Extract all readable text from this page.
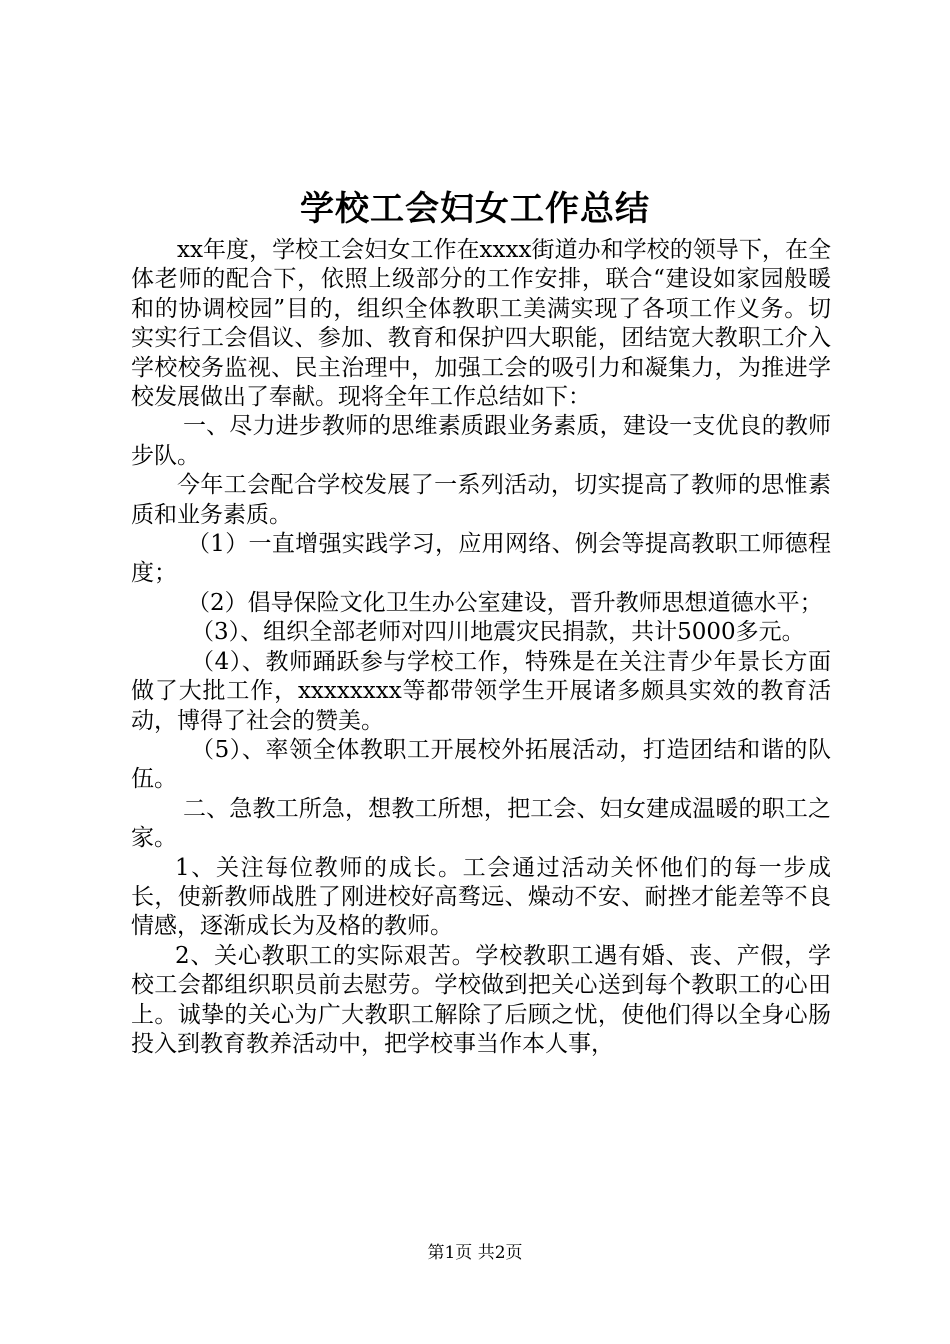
学校工会妇女工作总结

xx年度，学校工会妇女工作在xxxx街道办和学校的领导下，在全体老师的配合下，依照上级部分的工作安排，联合“建设如家园般暖和的协调校园”目的，组织全体教职工美满实现了各项工作义务。切实实行工会倡议、参加、教育和保护四大职能，团结宽大教职工介入学校校务监视、民主治理中，加强工会的吸引力和凝集力，为推进学校发展做出了奉献。现将全年工作总结如下：

一、尽力进步教师的思维素质跟业务素质，建设一支优良的教师步队。

今年工会配合学校发展了一系列活动，切实提高了教师的思惟素质和业务素质。

（1）一直增强实践学习，应用网络、例会等提高教职工师德程度；

（2）倡导保险文化卫生办公室建设，晋升教师思想道德水平；

（3）、组织全部老师对四川地震灾民捐款，共计5000多元。

（4）、教师踊跃参与学校工作，特殊是在关注青少年景长方面做了大批工作，xxxxxxxx等都带领学生开展诸多颇具实效的教育活动，博得了社会的赞美。

（5）、率领全体教职工开展校外拓展活动，打造团结和谐的队伍。

二、急教工所急，想教工所想，把工会、妇女建成温暖的职工之家。

1、关注每位教师的成长。工会通过活动关怀他们的每一步成长，使新教师战胜了刚进校好高骛远、燥动不安、耐挫才能差等不良情感，逐渐成长为及格的教师。

2、关心教职工的实际艰苦。学校教职工遇有婚、丧、产假，学校工会都组织职员前去慰劳。学校做到把关心送到每个教职工的心田上。诚挚的关心为广大教职工解除了后顾之忧，使他们得以全身心肠投入到教育教养活动中，把学校事当作本人事，

第1页 共2页
